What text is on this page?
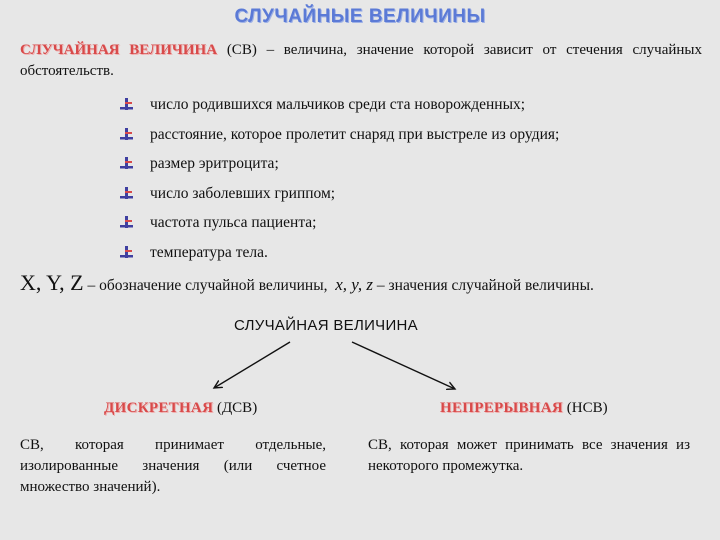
СЛУЧАЙНЫЕ ВЕЛИЧИНЫ
СЛУЧАЙНАЯ ВЕЛИЧИНА (СВ) – величина, значение которой зависит от стечения случайных обстоятельств.
число родившихся мальчиков среди ста новорожденных;
расстояние, которое пролетит снаряд при выстреле из орудия;
размер эритроцита;
число заболевших гриппом;
частота пульса пациента;
температура тела.
X, Y, Z – обозначение случайной величины, x, y, z – значения случайной величины.
СЛУЧАЙНАЯ ВЕЛИЧИНА
ДИСКРЕТНАЯ (ДСВ)	НЕПРЕРЫВНАЯ (НСВ)
СВ, которая принимает отдельные, изолированные значения (или счетное множество значений).
СВ, которая может принимать все значения из некоторого промежутка.
